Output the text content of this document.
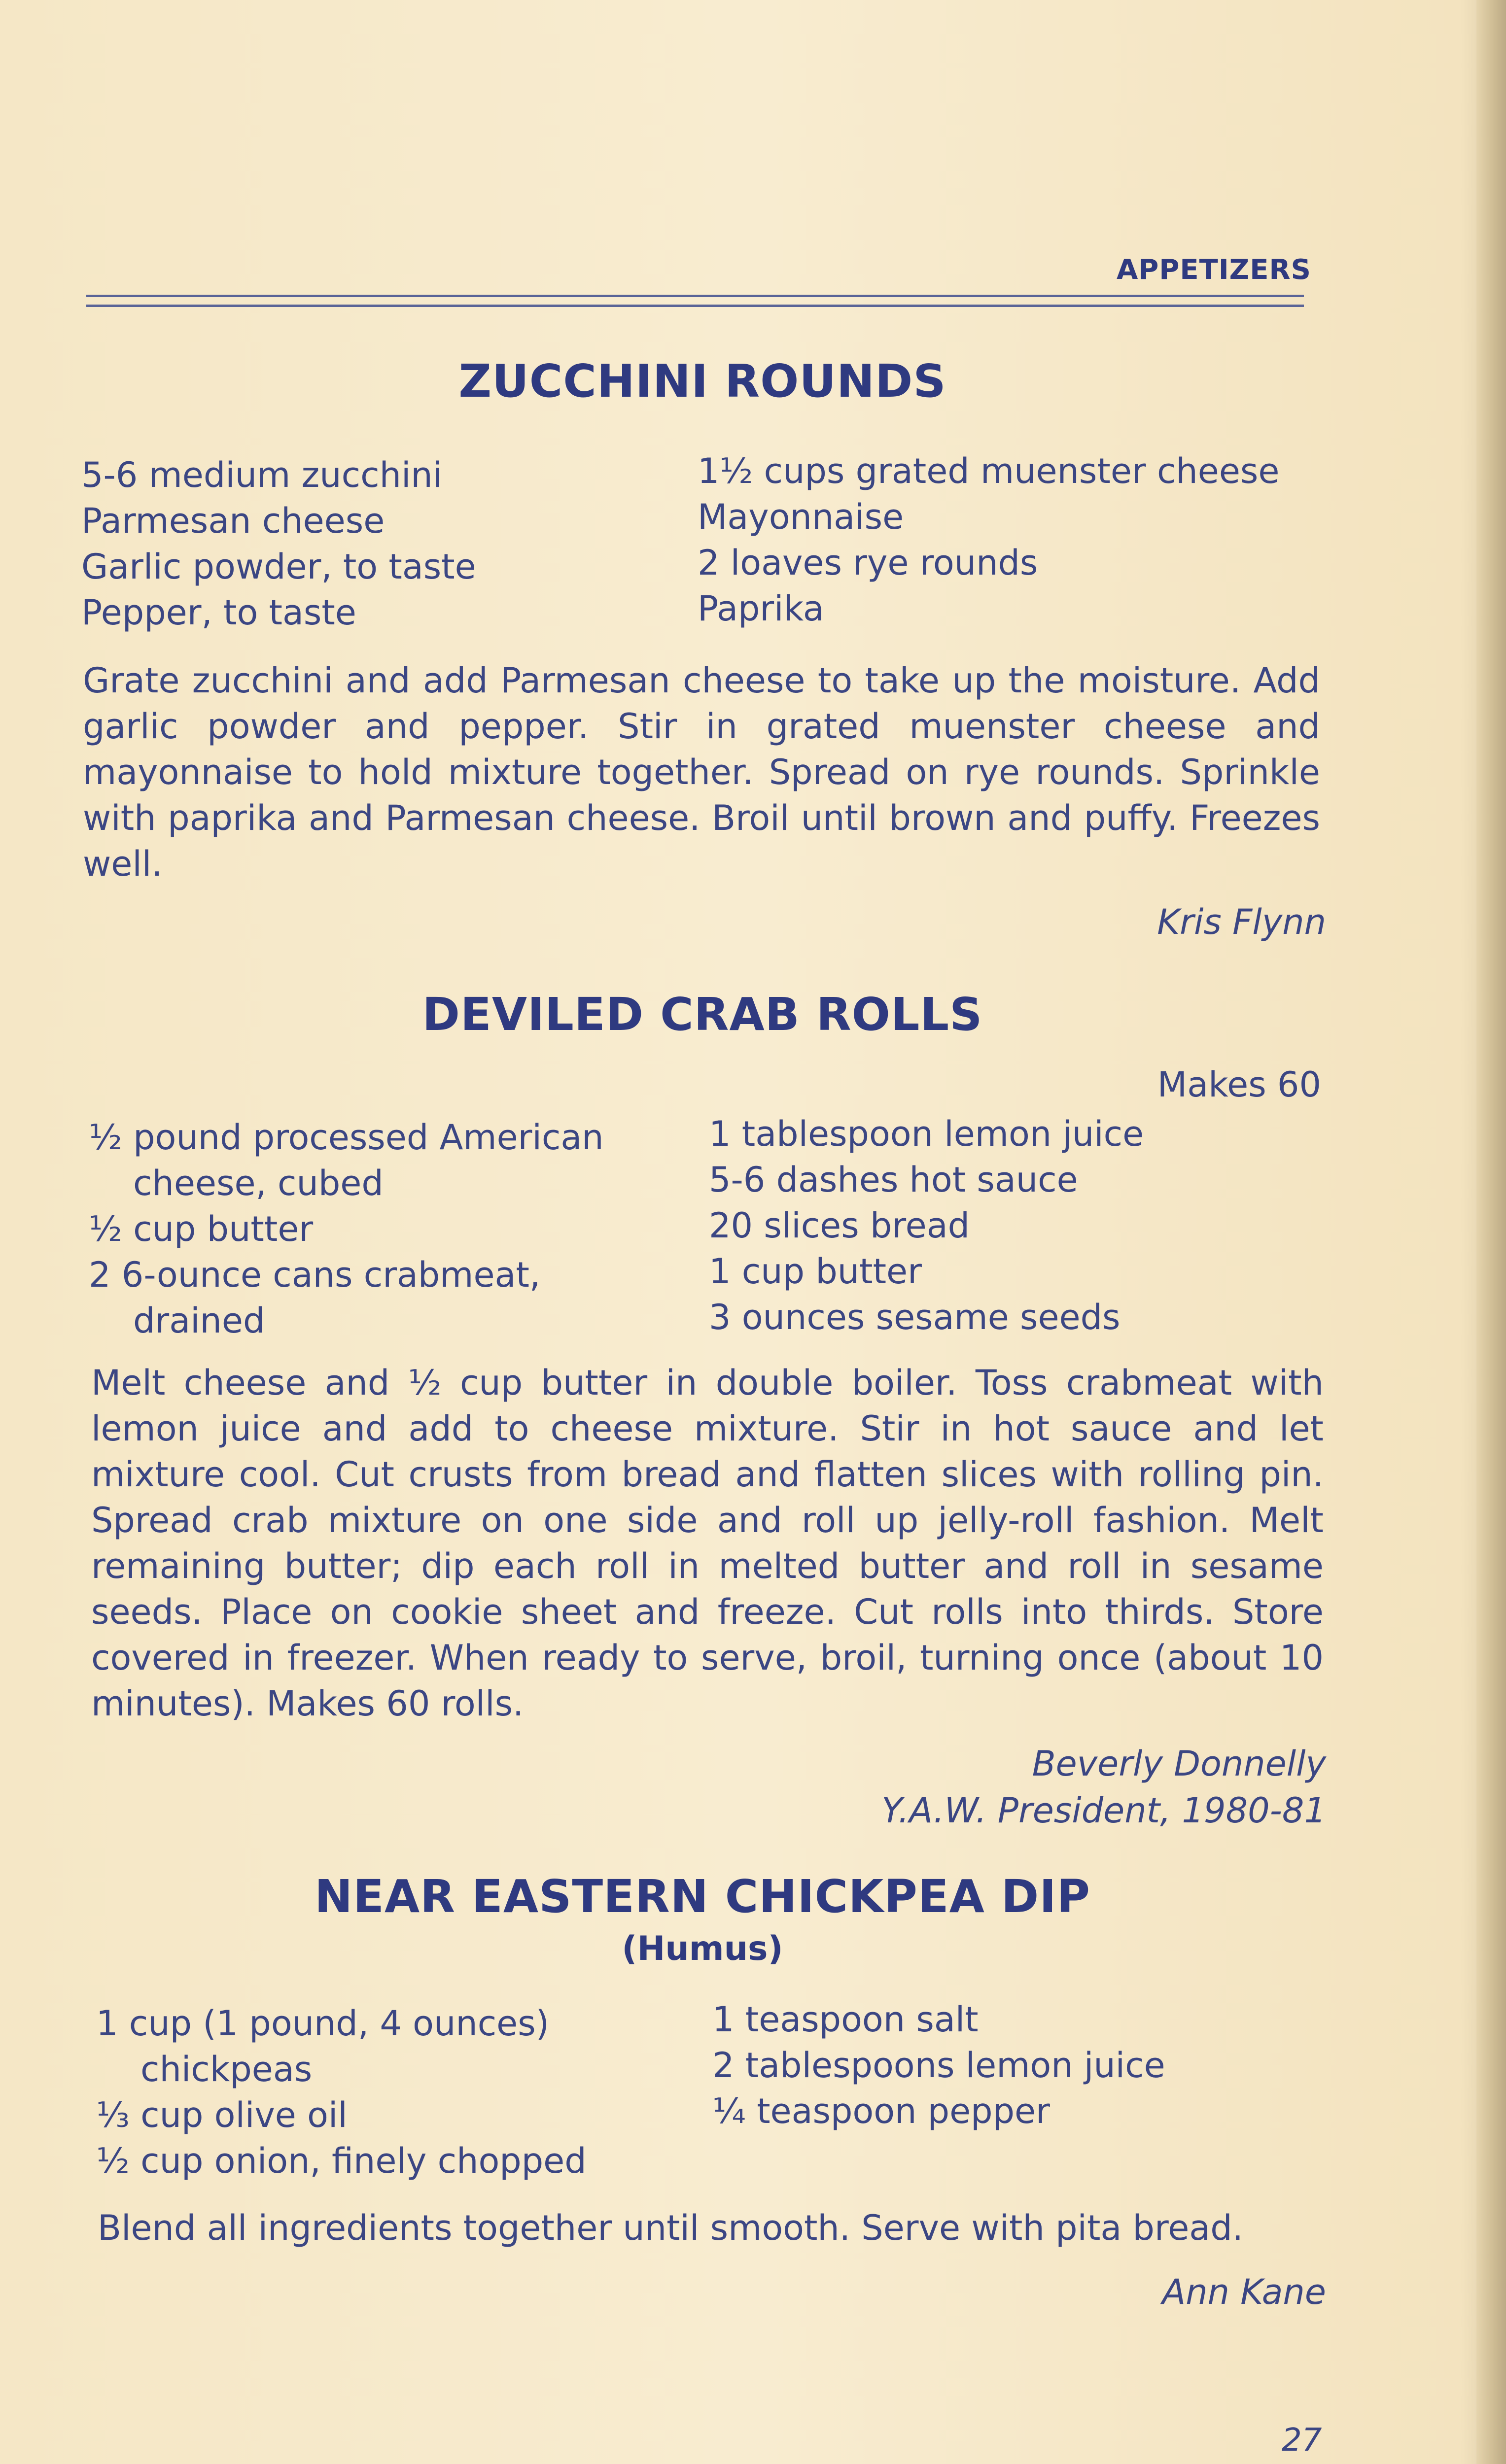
APPETIZERS
ZUCCHINI ROUNDS
5-6 medium zucchini
Parmesan cheese
Garlic powder, to taste
Pepper, to taste
1½ cups grated muenster cheese
Mayonnaise
2 loaves rye rounds
Paprika
Grate zucchini and add Parmesan cheese to take up the moisture. Add garlic powder and pepper. Stir in grated muenster cheese and mayonnaise to hold mixture together. Spread on rye rounds. Sprinkle with paprika and Parmesan cheese. Broil until brown and puffy. Freezes well.
Kris Flynn
DEVILED CRAB ROLLS
Makes 60
½ pound processed American
cheese, cubed
½ cup butter
2 6-ounce cans crabmeat,
drained
1 tablespoon lemon juice
5-6 dashes hot sauce
20 slices bread
1 cup butter
3 ounces sesame seeds
Melt cheese and ½ cup butter in double boiler. Toss crabmeat with lemon juice and add to cheese mixture. Stir in hot sauce and let mixture cool. Cut crusts from bread and flatten slices with rolling pin. Spread crab mixture on one side and roll up jelly-roll fashion. Melt remaining butter; dip each roll in melted butter and roll in sesame seeds. Place on cookie sheet and freeze. Cut rolls into thirds. Store covered in freezer. When ready to serve, broil, turning once (about 10 minutes). Makes 60 rolls.
Beverly Donnelly
Y.A.W. President, 1980-81
NEAR EASTERN CHICKPEA DIP
(Humus)
1 cup (1 pound, 4 ounces)
chickpeas
⅓ cup olive oil
½ cup onion, finely chopped
1 teaspoon salt
2 tablespoons lemon juice
¼ teaspoon pepper
Blend all ingredients together until smooth. Serve with pita bread.
Ann Kane
27
